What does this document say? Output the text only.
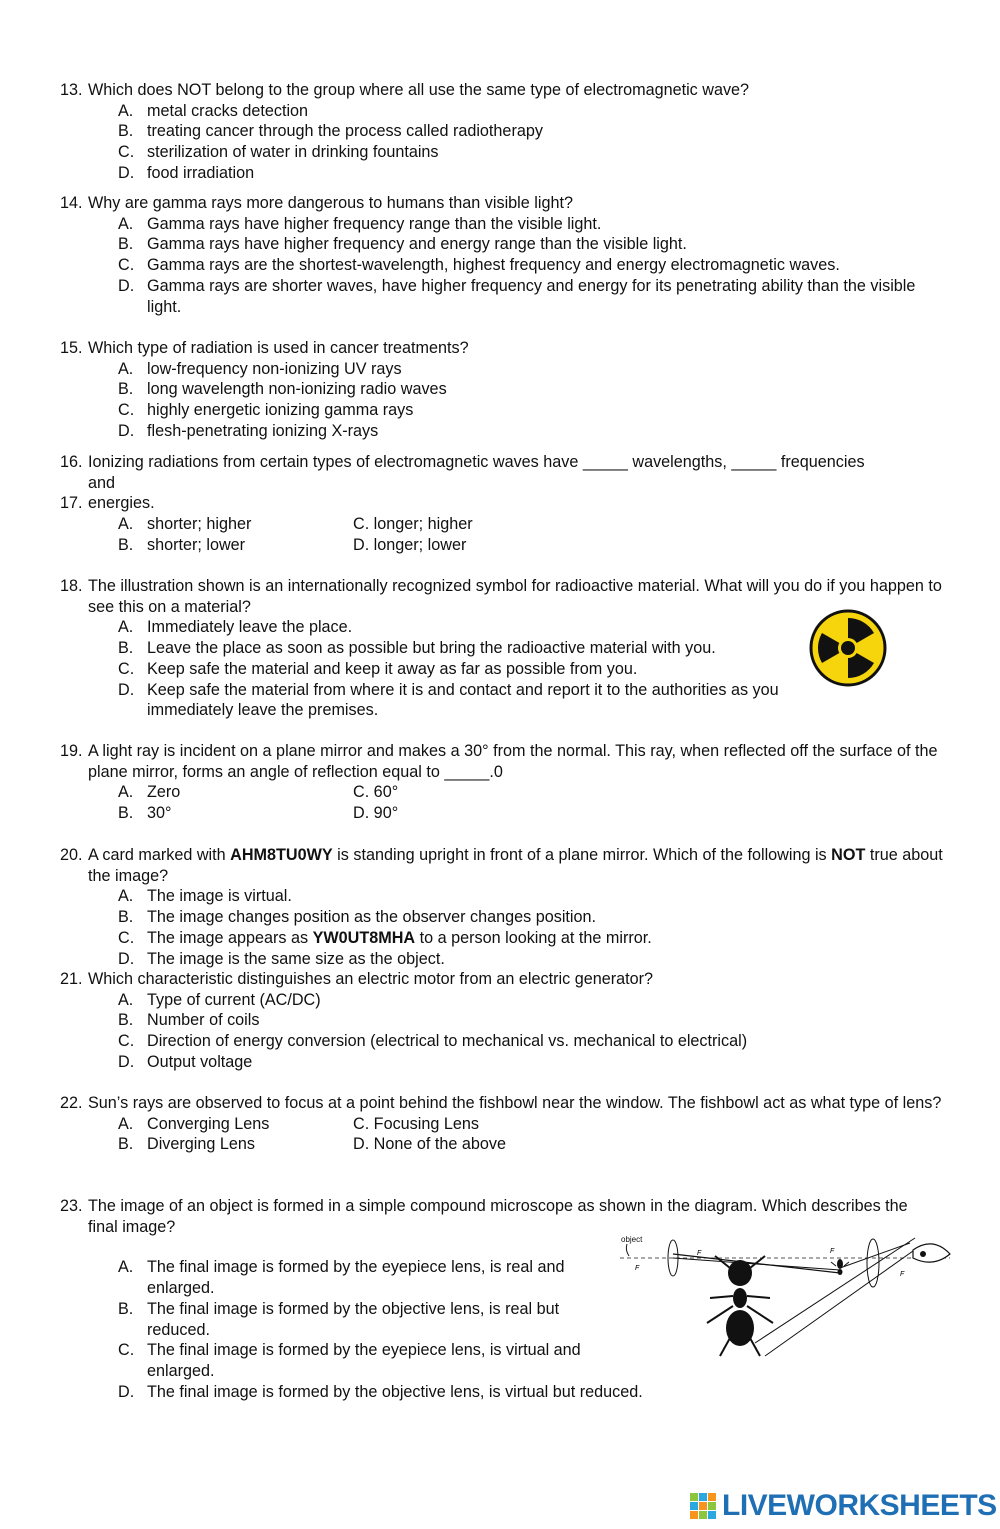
13. Which does NOT belong to the group where all use the same type of electromagnetic wave?
A. metal cracks detection
B. treating cancer through the process called radiotherapy
C. sterilization of water in drinking fountains
D. food irradiation
14. Why are gamma rays more dangerous to humans than visible light?
A. Gamma rays have higher frequency range than the visible light.
B. Gamma rays have higher frequency and energy range than the visible light.
C. Gamma rays are the shortest-wavelength, highest frequency and energy electromagnetic waves.
D. Gamma rays are shorter waves, have higher frequency and energy for its penetrating ability than the visible light.
15. Which type of radiation is used in cancer treatments?
A. low-frequency non-ionizing UV rays
B. long wavelength non-ionizing radio waves
C. highly energetic ionizing gamma rays
D. flesh-penetrating ionizing X-rays
16. Ionizing radiations from certain types of electromagnetic waves have _____ wavelengths, _____ frequencies and
17. energies.
A. shorter; higher	C. longer; higher
B. shorter; lower	D. longer; lower
18. The illustration shown is an internationally recognized symbol for radioactive material. What will you do if you happen to see this on a material?
A. Immediately leave the place.
B. Leave the place as soon as possible but bring the radioactive material with you.
C. Keep safe the material and keep it away as far as possible from you.
D. Keep safe the material from where it is and contact and report it to the authorities as you immediately leave the premises.
19. A light ray is incident on a plane mirror and makes a 30° from the normal. This ray, when reflected off the surface of the plane mirror, forms an angle of reflection equal to _____.0
A. Zero	C. 60°
B. 30°	D. 90°
20. A card marked with AHM8TU0WY is standing upright in front of a plane mirror. Which of the following is NOT true about the image?
A. The image is virtual.
B. The image changes position as the observer changes position.
C. The image appears as YW0UT8MHA to a person looking at the mirror.
D. The image is the same size as the object.
21. Which characteristic distinguishes an electric motor from an electric generator?
A. Type of current (AC/DC)
B. Number of coils
C. Direction of energy conversion (electrical to mechanical vs. mechanical to electrical)
D. Output voltage
22. Sun’s rays are observed to focus at a point behind the fishbowl near the window. The fishbowl act as what type of lens?
A. Converging Lens	C. Focusing Lens
B. Diverging Lens	D. None of the above
23. The image of an object is formed in a simple compound microscope as shown in the diagram. Which describes the final image?
A. The final image is formed by the eyepiece lens, is real and enlarged.
B. The final image is formed by the objective lens, is real but reduced.
C. The final image is formed by the eyepiece lens, is virtual and enlarged.
D. The final image is formed by the objective lens, is virtual but reduced.
object
F
F	F
F
LIVEWORKSHEETS
